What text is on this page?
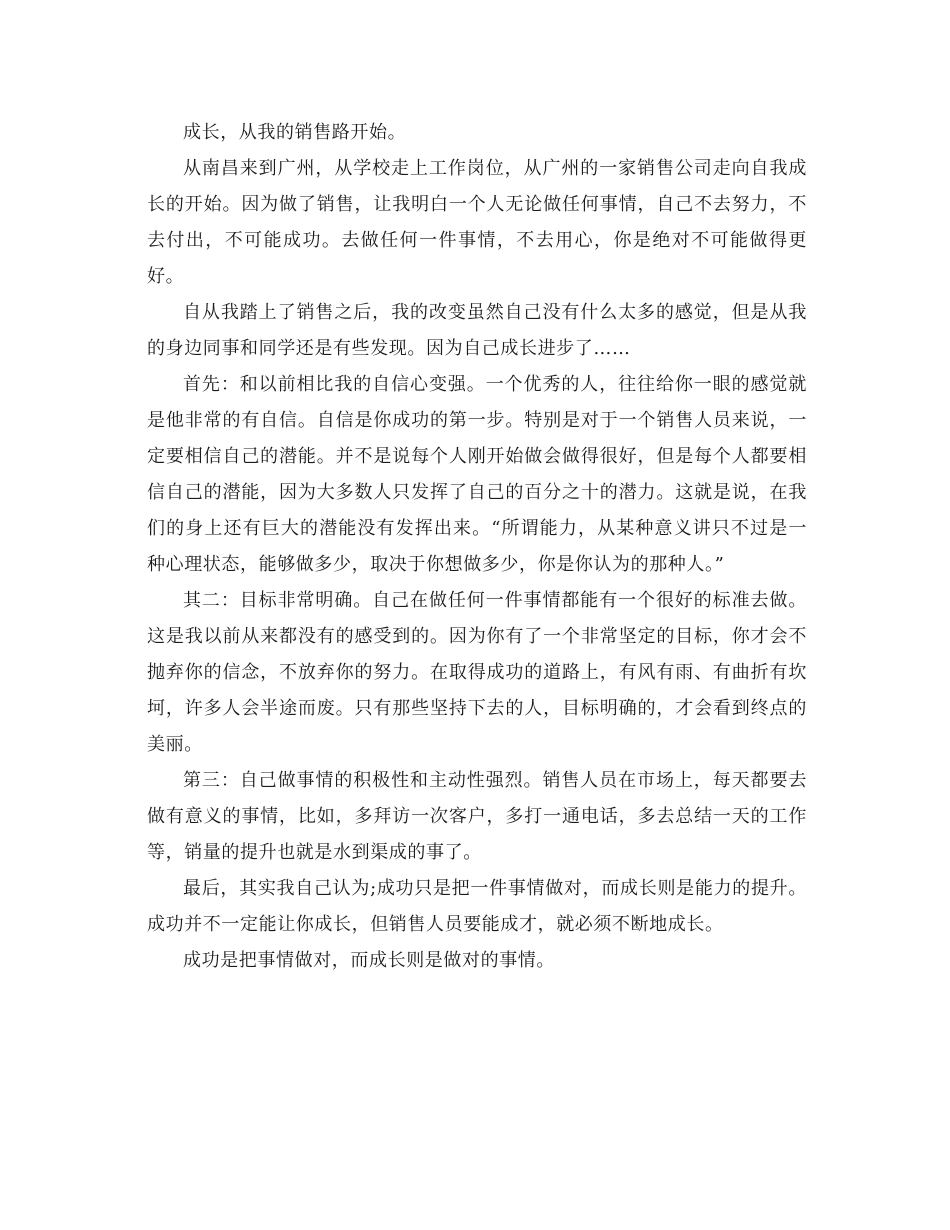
成长，从我的销售路开始。

从南昌来到广州，从学校走上工作岗位，从广州的一家销售公司走向自我成长的开始。因为做了销售，让我明白一个人无论做任何事情，自己不去努力，不去付出，不可能成功。去做任何一件事情，不去用心，你是绝对不可能做得更好。

自从我踏上了销售之后，我的改变虽然自己没有什么太多的感觉，但是从我的身边同事和同学还是有些发现。因为自己成长进步了……

首先：和以前相比我的自信心变强。一个优秀的人，往往给你一眼的感觉就是他非常的有自信。自信是你成功的第一步。特别是对于一个销售人员来说，一定要相信自己的潜能。并不是说每个人刚开始做会做得很好，但是每个人都要相信自己的潜能，因为大多数人只发挥了自己的百分之十的潜力。这就是说，在我们的身上还有巨大的潜能没有发挥出来。“所谓能力，从某种意义讲只不过是一种心理状态，能够做多少，取决于你想做多少，你是你认为的那种人。”

其二：目标非常明确。自己在做任何一件事情都能有一个很好的标准去做。这是我以前从来都没有的感受到的。因为你有了一个非常坚定的目标，你才会不抛弃你的信念，不放弃你的努力。在取得成功的道路上，有风有雨、有曲折有坎坷，许多人会半途而废。只有那些坚持下去的人，目标明确的，才会看到终点的美丽。

第三：自己做事情的积极性和主动性强烈。销售人员在市场上，每天都要去做有意义的事情，比如，多拜访一次客户，多打一通电话，多去总结一天的工作等，销量的提升也就是水到渠成的事了。

最后，其实我自己认为;成功只是把一件事情做对，而成长则是能力的提升。成功并不一定能让你成长，但销售人员要能成才，就必须不断地成长。

成功是把事情做对，而成长则是做对的事情。
